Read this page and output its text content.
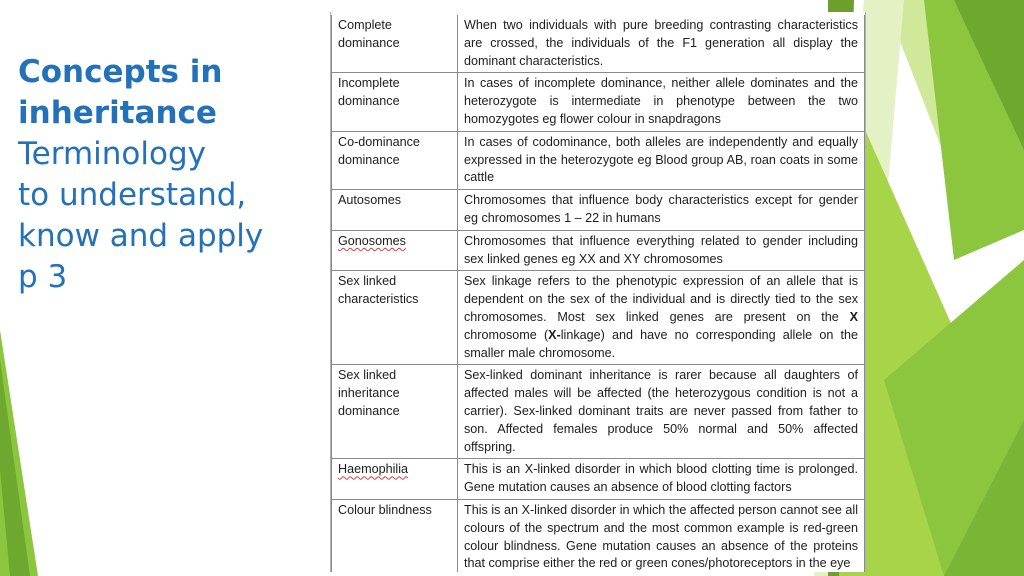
Concepts in
inheritance
Terminology
to understand,
know and apply
p 3
Complete dominance	When two individuals with pure breeding contrasting characteristics are crossed, the individuals of the F1 generation all display the dominant characteristics.
Incomplete dominance	In cases of incomplete dominance, neither allele dominates and the heterozygote is intermediate in phenotype between the two homozygotes eg flower colour in snapdragons
Co-dominance dominance	In cases of codominance, both alleles are independently and equally expressed in the heterozygote eg Blood group AB, roan coats in some cattle
Autosomes	Chromosomes that influence body characteristics except for gender eg chromosomes 1 – 22 in humans
Gonosomes	Chromosomes that influence everything related to gender including sex linked genes eg XX and XY chromosomes
Sex linked characteristics	Sex linkage refers to the phenotypic expression of an allele that is dependent on the sex of the individual and is directly tied to the sex chromosomes. Most sex linked genes are present on the X chromosome (X-linkage) and have no corresponding allele on the smaller male chromosome.
Sex linked inheritance dominance	Sex-linked dominant inheritance is rarer because all daughters of affected males will be affected (the heterozygous condition is not a carrier). Sex-linked dominant traits are never passed from father to son. Affected females produce 50% normal and 50% affected offspring.
Haemophilia	This is an X-linked disorder in which blood clotting time is prolonged. Gene mutation causes an absence of blood clotting factors
Colour blindness	This is an X-linked disorder in which the affected person cannot see all colours of the spectrum and the most common example is red-green colour blindness. Gene mutation causes an absence of the proteins that comprise either the red or green cones/photoreceptors in the eye
